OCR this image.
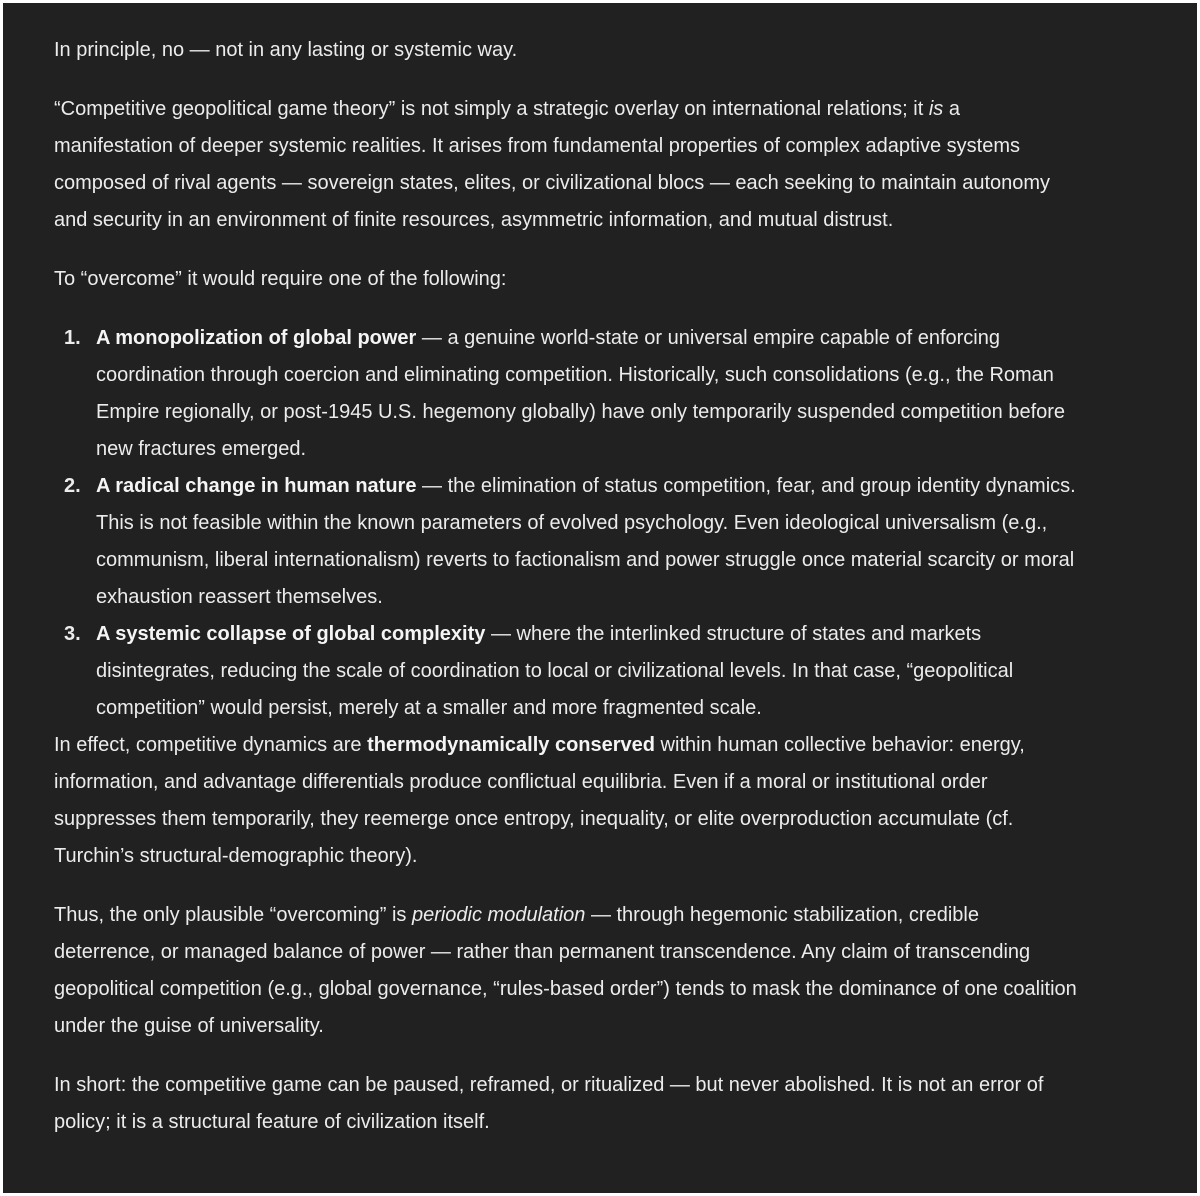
In principle, no — not in any lasting or systemic way.

“Competitive geopolitical game theory” is not simply a strategic overlay on international relations; it is a manifestation of deeper systemic realities. It arises from fundamental properties of complex adaptive systems composed of rival agents — sovereign states, elites, or civilizational blocs — each seeking to maintain autonomy and security in an environment of finite resources, asymmetric information, and mutual distrust.

To “overcome” it would require one of the following:

1. A monopolization of global power — a genuine world-state or universal empire capable of enforcing coordination through coercion and eliminating competition. Historically, such consolidations (e.g., the Roman Empire regionally, or post-1945 U.S. hegemony globally) have only temporarily suspended competition before new fractures emerged.
2. A radical change in human nature — the elimination of status competition, fear, and group identity dynamics. This is not feasible within the known parameters of evolved psychology. Even ideological universalism (e.g., communism, liberal internationalism) reverts to factionalism and power struggle once material scarcity or moral exhaustion reassert themselves.
3. A systemic collapse of global complexity — where the interlinked structure of states and markets disintegrates, reducing the scale of coordination to local or civilizational levels. In that case, “geopolitical competition” would persist, merely at a smaller and more fragmented scale.

In effect, competitive dynamics are thermodynamically conserved within human collective behavior: energy, information, and advantage differentials produce conflictual equilibria. Even if a moral or institutional order suppresses them temporarily, they reemerge once entropy, inequality, or elite overproduction accumulate (cf. Turchin’s structural-demographic theory).

Thus, the only plausible “overcoming” is periodic modulation — through hegemonic stabilization, credible deterrence, or managed balance of power — rather than permanent transcendence. Any claim of transcending geopolitical competition (e.g., global governance, “rules-based order”) tends to mask the dominance of one coalition under the guise of universality.

In short: the competitive game can be paused, reframed, or ritualized — but never abolished. It is not an error of policy; it is a structural feature of civilization itself.
